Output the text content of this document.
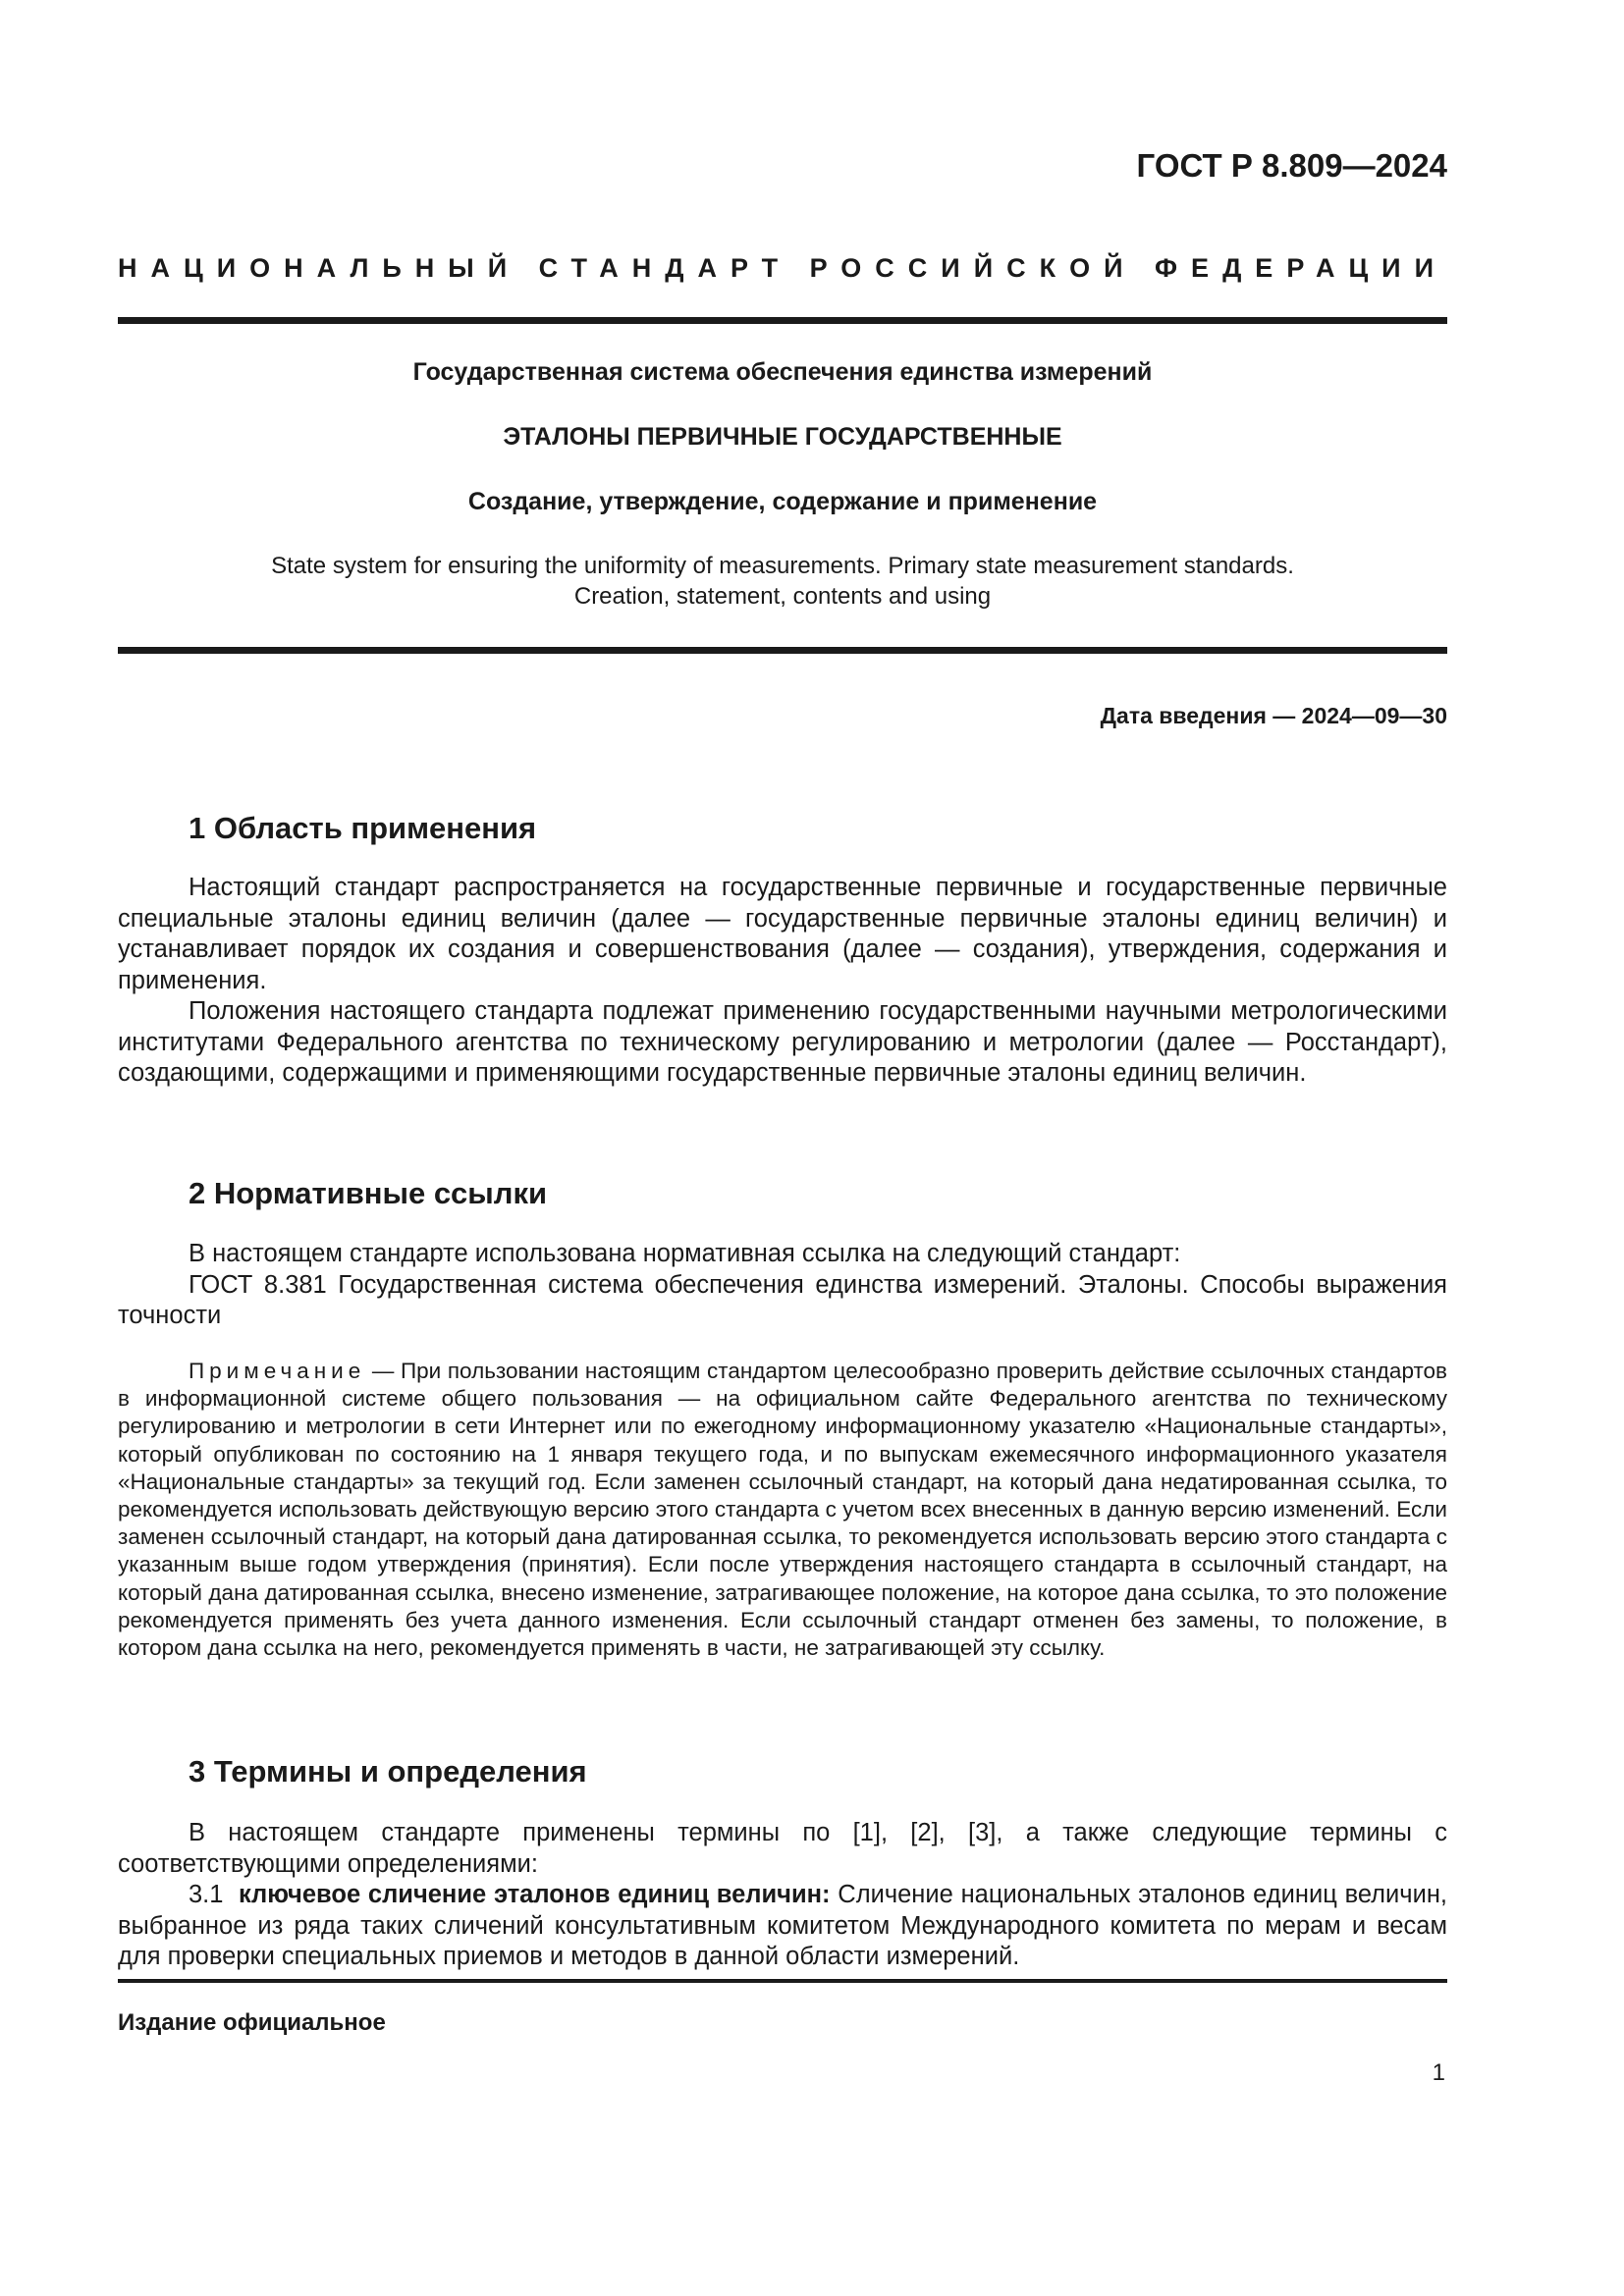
ГОСТ Р 8.809—2024
НАЦИОНАЛЬНЫЙ СТАНДАРТ РОССИЙСКОЙ ФЕДЕРАЦИИ
Государственная система обеспечения единства измерений
ЭТАЛОНЫ ПЕРВИЧНЫЕ ГОСУДАРСТВЕННЫЕ
Создание, утверждение, содержание и применение
State system for ensuring the uniformity of measurements. Primary state measurement standards.
Creation, statement, contents and using
Дата введения — 2024—09—30
1 Область применения

Настоящий стандарт распространяется на государственные первичные и государственные первичные специальные эталоны единиц величин (далее — государственные первичные эталоны единиц величин) и устанавливает порядок их создания и совершенствования (далее — создания), утверждения, содержания и применения.

Положения настоящего стандарта подлежат применению государственными научными метрологическими институтами Федерального агентства по техническому регулированию и метрологии (далее — Росстандарт), создающими, содержащими и применяющими государственные первичные эталоны единиц величин.

2 Нормативные ссылки

В настоящем стандарте использована нормативная ссылка на следующий стандарт:

ГОСТ 8.381 Государственная система обеспечения единства измерений. Эталоны. Способы выражения точности

Примечание — При пользовании настоящим стандартом целесообразно проверить действие ссылочных стандартов в информационной системе общего пользования — на официальном сайте Федерального агентства по техническому регулированию и метрологии в сети Интернет или по ежегодному информационному указателю «Национальные стандарты», который опубликован по состоянию на 1 января текущего года, и по выпускам ежемесячного информационного указателя «Национальные стандарты» за текущий год. Если заменен ссылочный стандарт, на который дана недатированная ссылка, то рекомендуется использовать действующую версию этого стандарта с учетом всех внесенных в данную версию изменений. Если заменен ссылочный стандарт, на который дана датированная ссылка, то рекомендуется использовать версию этого стандарта с указанным выше годом утверждения (принятия). Если после утверждения настоящего стандарта в ссылочный стандарт, на который дана датированная ссылка, внесено изменение, затрагивающее положение, на которое дана ссылка, то это положение рекомендуется применять без учета данного изменения. Если ссылочный стандарт отменен без замены, то положение, в котором дана ссылка на него, рекомендуется применять в части, не затрагивающей эту ссылку.

3 Термины и определения

В настоящем стандарте применены термины по [1], [2], [3], а также следующие термины с соответствующими определениями:

3.1 ключевое сличение эталонов единиц величин: Сличение национальных эталонов единиц величин, выбранное из ряда таких сличений консультативным комитетом Международного комитета по мерам и весам для проверки специальных приемов и методов в данной области измерений.

Издание официальное
1
